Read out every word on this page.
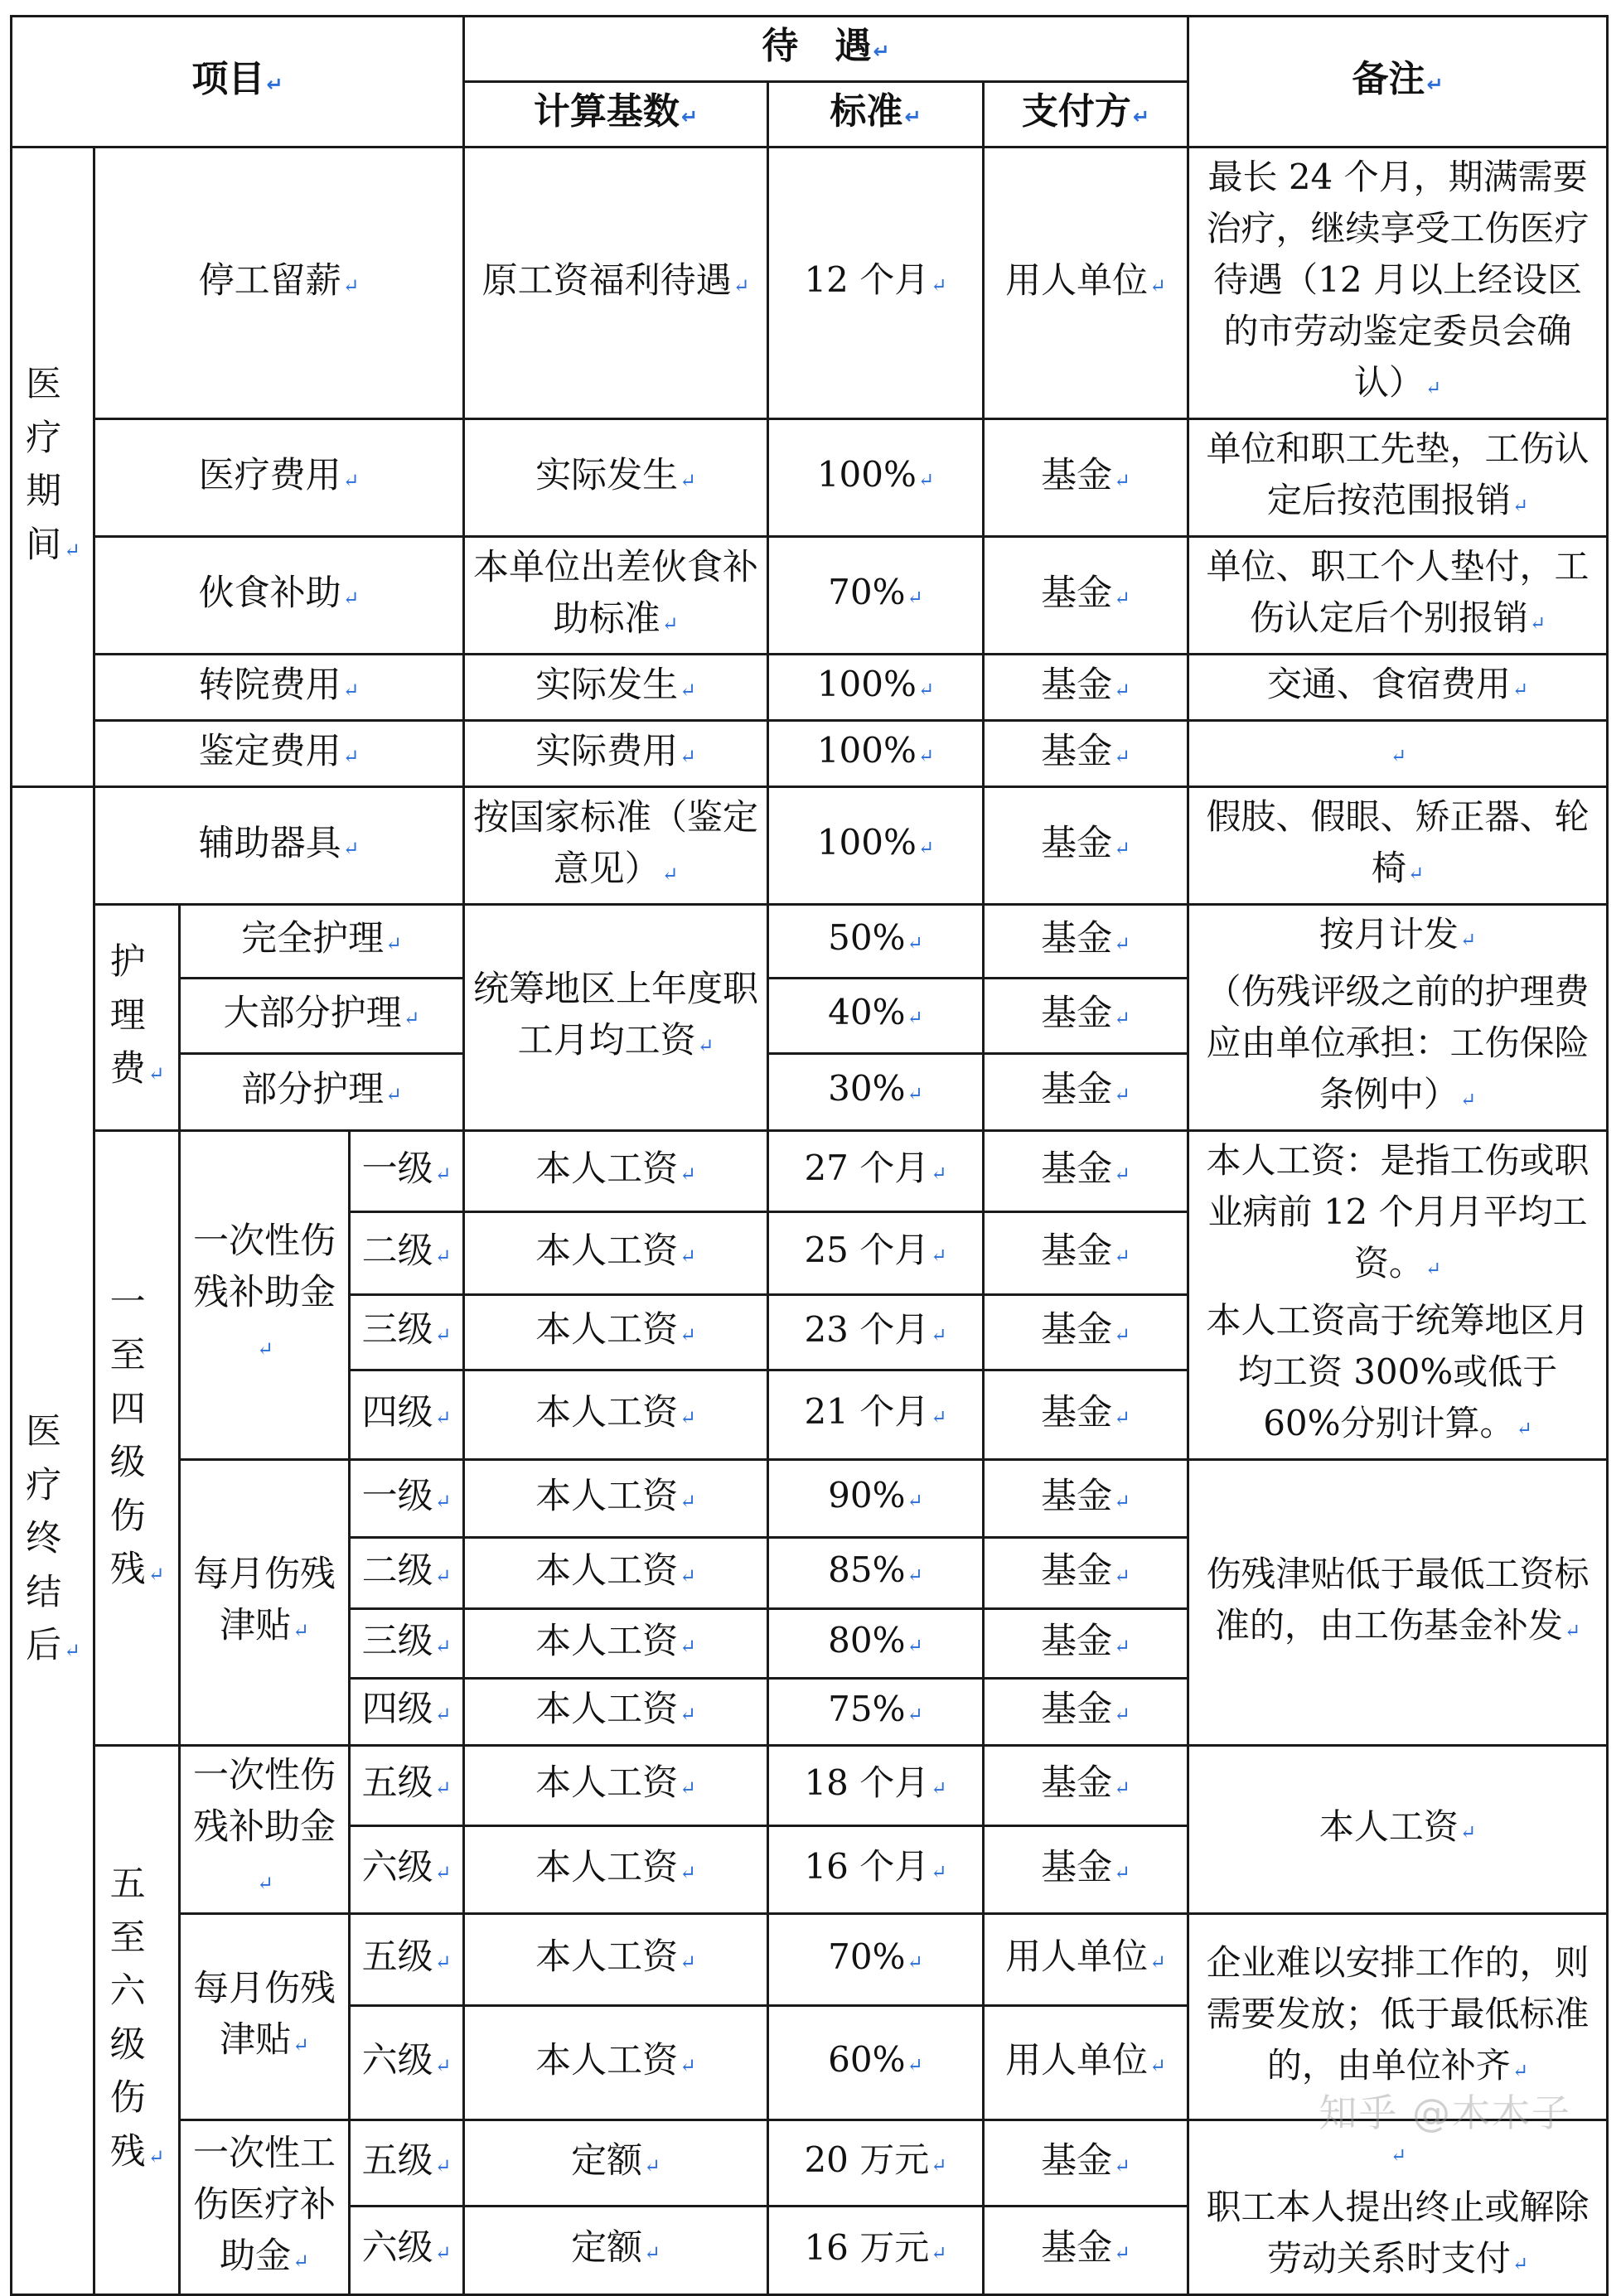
项目↵				待　遇↵			备注↵
				计算基数↵	标准↵	支付方↵	
医疗期间 ↵	停工留薪↵			原工资福利待遇↵	12 个月↵	用人单位↵	最长 24 个月，期满需要治疗，继续享受工伤医疗待遇（12 月以上经设区的市劳动鉴定委员会确认）↵
	医疗费用↵			实际发生↵	100%↵	基金↵	单位和职工先垫，工伤认定后按范围报销↵
	伙食补助↵			本单位出差伙食补助标准↵	70%↵	基金↵	单位、职工个人垫付，工伤认定后个别报销↵
	转院费用↵			实际发生↵	100%↵	基金↵	交通、食宿费用↵
	鉴定费用↵			实际费用↵	100%↵	基金↵	↵
医疗终结后 ↵	辅助器具↵			按国家标准（鉴定意见）↵	100%↵	基金↵	假肢、假眼、矫正器、轮椅↵
	护理费 ↵	完全护理↵		统筹地区上年度职工月均工资↵	50%↵	基金↵	按月计发↵
（伤残评级之前的护理费应由单位承担：工伤保险条例中）↵
		大部分护理↵			40%↵	基金↵	
		部分护理↵			30%↵	基金↵	
	一至四级伤残 ↵	一次性伤残补助金↵	一级↵	本人工资↵	27 个月↵	基金↵	本人工资：是指工伤或职业病前 12 个月月平均工资。↵
本人工资高于统筹地区月均工资 300%或低于 60%分别计算。↵
			二级↵	本人工资↵	25 个月↵	基金↵	
			三级↵	本人工资↵	23 个月↵	基金↵	
			四级↵	本人工资↵	21 个月↵	基金↵	
		每月伤残津贴↵	一级↵	本人工资↵	90%↵	基金↵	伤残津贴低于最低工资标准的，由工伤基金补发↵
			二级↵	本人工资↵	85%↵	基金↵	
			三级↵	本人工资↵	80%↵	基金↵	
			四级↵	本人工资↵	75%↵	基金↵	
	五至六级伤残 ↵	一次性伤残补助金↵	五级↵	本人工资↵	18 个月↵	基金↵	本人工资↵
			六级↵	本人工资↵	16 个月↵	基金↵	
		每月伤残津贴↵	五级↵	本人工资↵	70%↵	用人单位↵	企业难以安排工作的，则需要发放；低于最低标准的，由单位补齐↵
			六级↵	本人工资↵	60%↵	用人单位↵	
		一次性工伤医疗补助金↵	五级↵	定额↵	20 万元↵	基金↵	↵
职工本人提出终止或解除劳动关系时支付↵
			六级↵	定额↵	16 万元↵	基金↵	
知乎 @木木子
